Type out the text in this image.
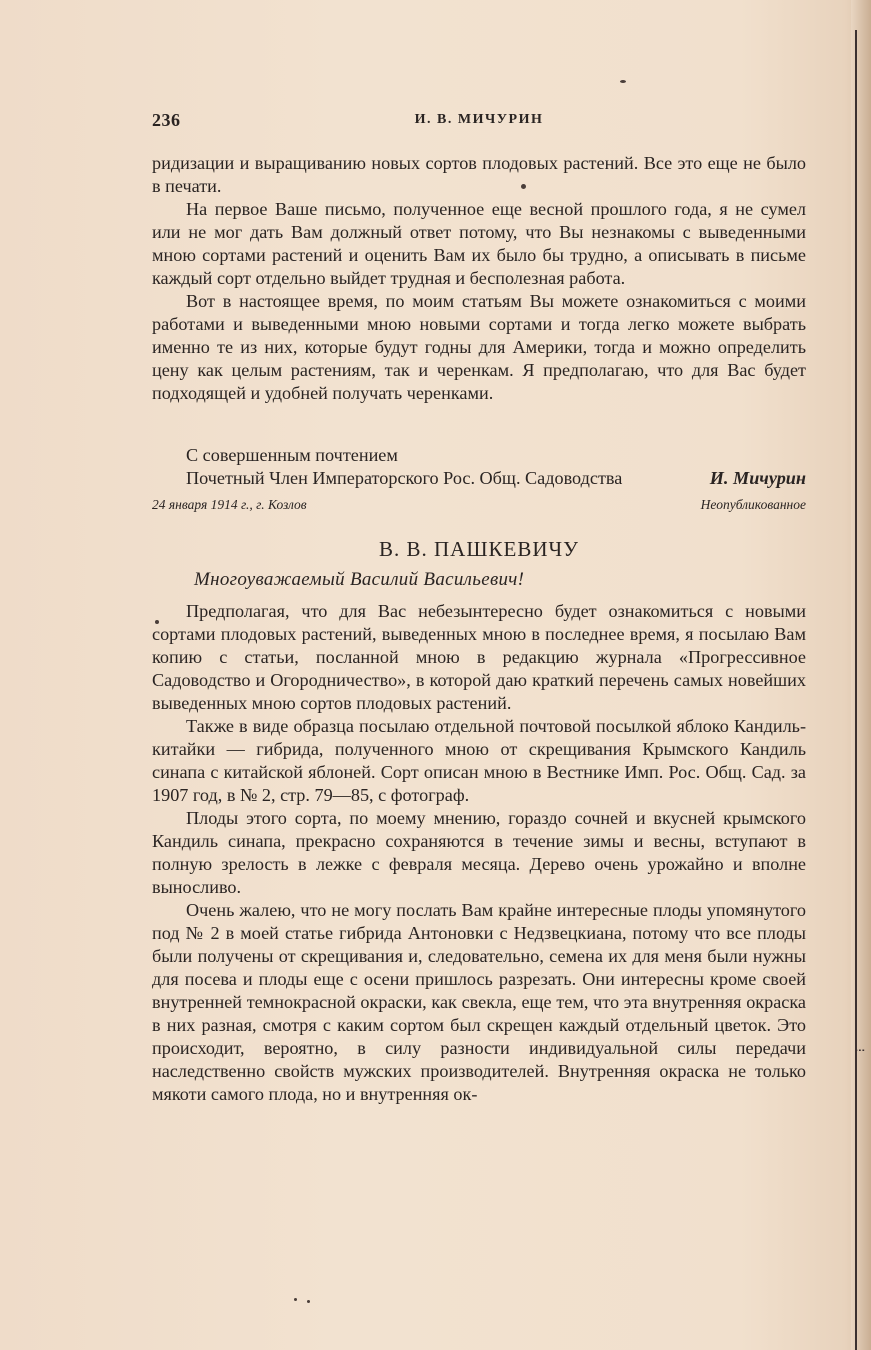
236	И. В. МИЧУРИН

ридизации и выращиванию новых сортов плодовых растений. Все это еще не было в печати.

На первое Ваше письмо, полученное еще весной прошлого года, я не сумел или не мог дать Вам должный ответ потому, что Вы незнакомы с выведенными мною сортами растений и оценить Вам их было бы трудно, а описывать в письме каждый сорт отдельно выйдет трудная и бесполезная работа.

Вот в настоящее время, по моим статьям Вы можете ознакомиться с моими работами и выведенными мною новыми сортами и тогда легко можете выбрать именно те из них, которые будут годны для Америки, тогда и можно определить цену как целым растениям, так и черенкам. Я предполагаю, что для Вас будет подходящей и удобней получать черенками.

С совершенным почтением
Почетный Член Императорского Рос. Общ. Садоводства	И. Мичурин
24 января 1914 г., г. Козлов	Неопубликованное
В. В. ПАШКЕВИЧУ
Многоуважаемый Василий Васильевич!

Предполагая, что для Вас небезынтересно будет ознакомиться с новыми сортами плодовых растений, выведенных мною в последнее время, я посылаю Вам копию с статьи, посланной мною в редакцию журнала «Прогрессивное Садоводство и Огородничество», в которой даю краткий перечень самых новейших выведенных мною сортов плодовых растений.

Также в виде образца посылаю отдельной почтовой посылкой яблоко Кандиль-китайки — гибрида, полученного мною от скрещивания Крымского Кандиль синапа с китайской яблоней. Сорт описан мною в Вестнике Имп. Рос. Общ. Сад. за 1907 год, в № 2, стр. 79—85, с фотограф.

Плоды этого сорта, по моему мнению, гораздо сочней и вкусней крымского Кандиль синапа, прекрасно сохраняются в течение зимы и весны, вступают в полную зрелость в лежке с февраля месяца. Дерево очень урожайно и вполне выносливо.

Очень жалею, что не могу послать Вам крайне интересные плоды упомянутого под № 2 в моей статье гибрида Антоновки с Недзвецкиана, потому что все плоды были получены от скрещивания и, следовательно, семена их для меня были нужны для посева и плоды еще с осени пришлось разрезать. Они интересны кроме своей внутренней темнокрасной окраски, как свекла, еще тем, что эта внутренняя окраска в них разная, смотря с каким сортом был скрещен каждый отдельный цветок. Это происходит, вероятно, в силу разности индивидуальной силы передачи наследственно свойств мужских производителей. Внутренняя окраска не только мякоти самого плода, но и внутренняя ок-

⁝
